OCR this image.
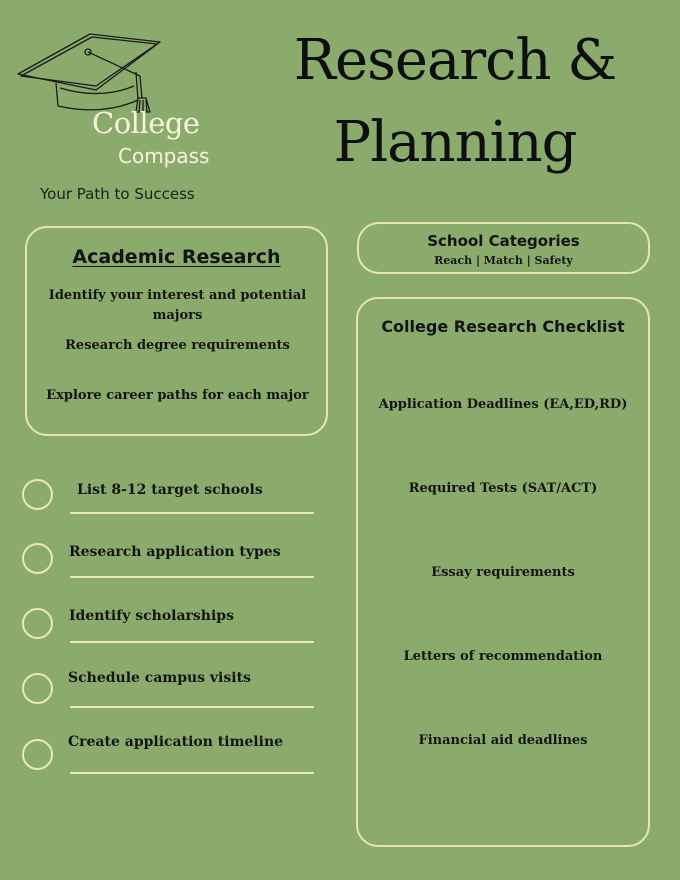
College
Compass
Your Path to Success
Research &
Planning
Academic Research
Identify your interest and potential majors
Research degree requirements
Explore career paths for each major
School Categories
Reach | Match | Safety
College Research Checklist
Application Deadlines (EA,ED,RD)
Required Tests (SAT/ACT)
Essay requirements
Letters of recommendation
Financial aid deadlines
List 8-12 target schools
Research application types
Identify scholarships
Schedule campus visits
Create application timeline
